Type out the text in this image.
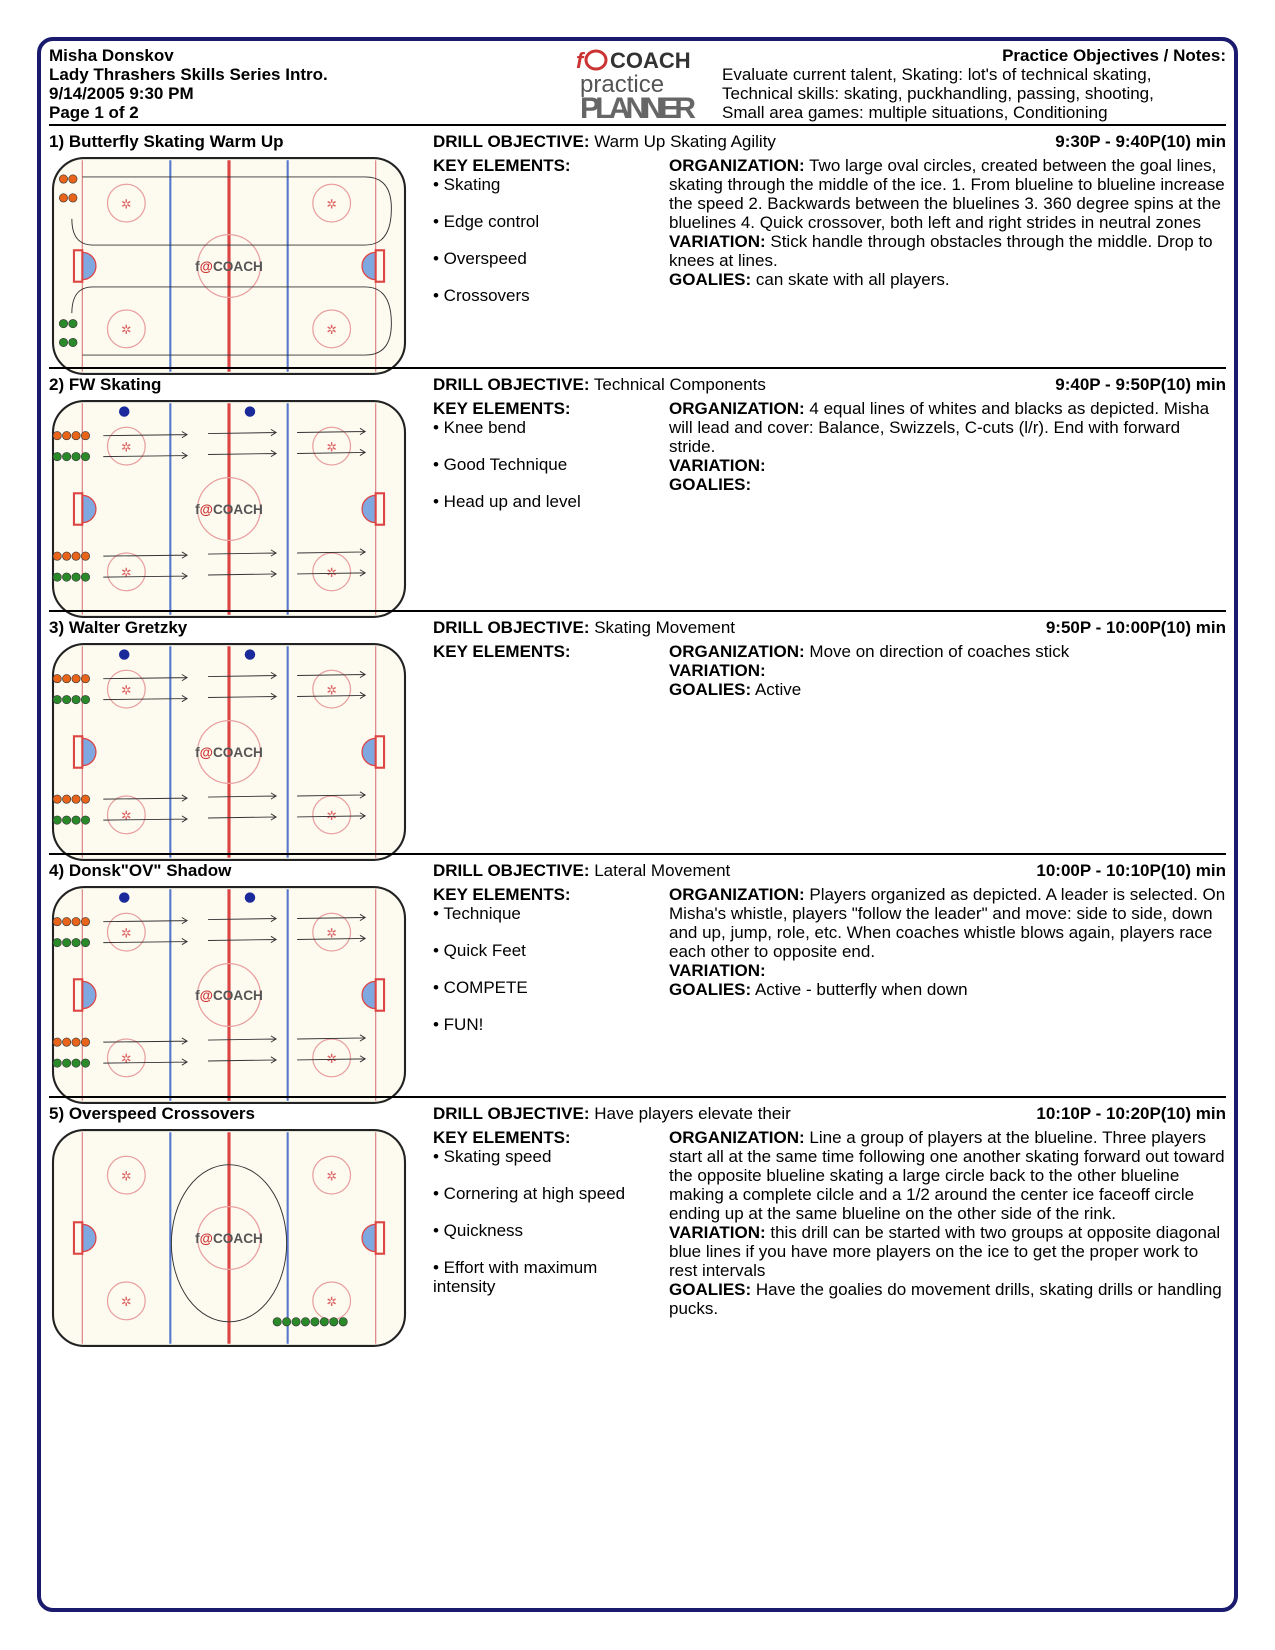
Misha Donskov
Lady Thrashers Skills Series Intro.
9/14/2005 9:30 PM
Page 1 of 2
f COACH
practice
PLANNER
Practice Objectives / Notes:
Evaluate current talent, Skating: lot's of technical skating,
Technical skills: skating, puckhandling, passing, shooting,
Small area games: multiple situations, Conditioning
1) Butterfly Skating Warm Up	DRILL OBJECTIVE: Warm Up Skating Agility	9:30P - 9:40P(10) min
KEY ELEMENTS:
• Skating
• Edge control
• Overspeed
• Crossovers
ORGANIZATION: Two large oval circles, created between the goal lines, skating through the middle of the ice. 1. From blueline to blueline increase the speed 2. Backwards between the bluelines 3. 360 degree spins at the bluelines 4. Quick crossover, both left and right strides in neutral zones
VARIATION: Stick handle through obstacles through the middle. Drop to knees at lines.
GOALIES: can skate with all players.
✲
✲
✲
✲
f@COACH
2) FW Skating	DRILL OBJECTIVE: Technical Components	9:40P - 9:50P(10) min
KEY ELEMENTS:
• Knee bend
• Good Technique
• Head up and level
ORGANIZATION: 4 equal lines of whites and blacks as depicted. Misha will lead and cover: Balance, Swizzels, C-cuts (l/r). End with forward stride.
VARIATION:
GOALIES:
✲
✲
✲
✲
f@COACH
3) Walter Gretzky	DRILL OBJECTIVE: Skating Movement	9:50P - 10:00P(10) min
KEY ELEMENTS:	ORGANIZATION: Move on direction of coaches stick
VARIATION:
GOALIES: Active
✲
✲
✲
✲
f@COACH
4) Donsk"OV" Shadow	DRILL OBJECTIVE: Lateral Movement	10:00P - 10:10P(10) min
KEY ELEMENTS:
• Technique
• Quick Feet
• COMPETE
• FUN!
ORGANIZATION: Players organized as depicted. A leader is selected. On Misha's whistle, players "follow the leader" and move: side to side, down and up, jump, role, etc. When coaches whistle blows again, players race each other to opposite end.
VARIATION:
GOALIES: Active - butterfly when down
✲
✲
✲
✲
f@COACH
5) Overspeed Crossovers	DRILL OBJECTIVE: Have players elevate their	10:10P - 10:20P(10) min
KEY ELEMENTS:
• Skating speed
• Cornering at high speed
• Quickness
• Effort with maximum intensity
ORGANIZATION: Line a group of players at the blueline. Three players start all at the same time following one another skating forward out toward the opposite blueline skating a large circle back to the other blueline making a complete cilcle and a 1/2 around the center ice faceoff circle ending up at the same blueline on the other side of the rink.
VARIATION: this drill can be started with two groups at opposite diagonal blue lines if you have more players on the ice to get the proper work to rest intervals
GOALIES: Have the goalies do movement drills, skating drills or handling pucks.
✲
✲
✲
✲
f@COACH
